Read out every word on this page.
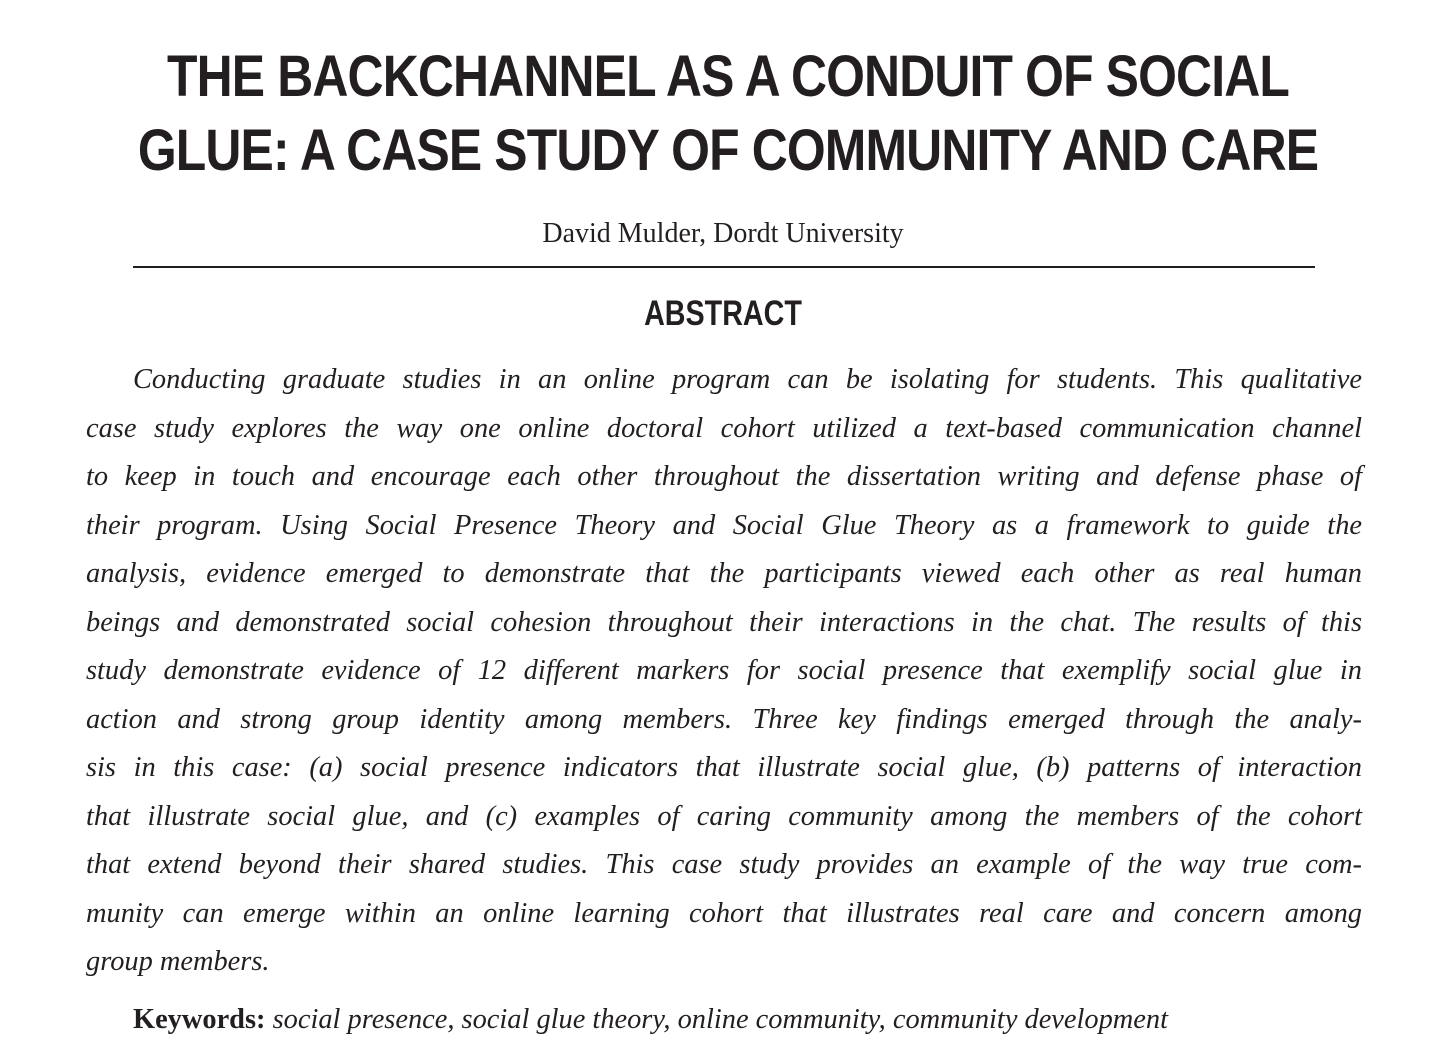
THE BACKCHANNEL AS A CONDUIT OF SOCIAL
GLUE: A CASE STUDY OF COMMUNITY AND CARE
David Mulder, Dordt University
ABSTRACT
Conducting graduate studies in an online program can be isolating for students. This qualitative
case study explores the way one online doctoral cohort utilized a text-based communication channel
to keep in touch and encourage each other throughout the dissertation writing and defense phase of
their program. Using Social Presence Theory and Social Glue Theory as a framework to guide the
analysis, evidence emerged to demonstrate that the participants viewed each other as real human
beings and demonstrated social cohesion throughout their interactions in the chat. The results of this
study demonstrate evidence of 12 different markers for social presence that exemplify social glue in
action and strong group identity among members. Three key findings emerged through the analy-
sis in this case: (a) social presence indicators that illustrate social glue, (b) patterns of interaction
that illustrate social glue, and (c) examples of caring community among the members of the cohort
that extend beyond their shared studies. This case study provides an example of the way true com-
munity can emerge within an online learning cohort that illustrates real care and concern among
group members.
Keywords: social presence, social glue theory, online community, community development
